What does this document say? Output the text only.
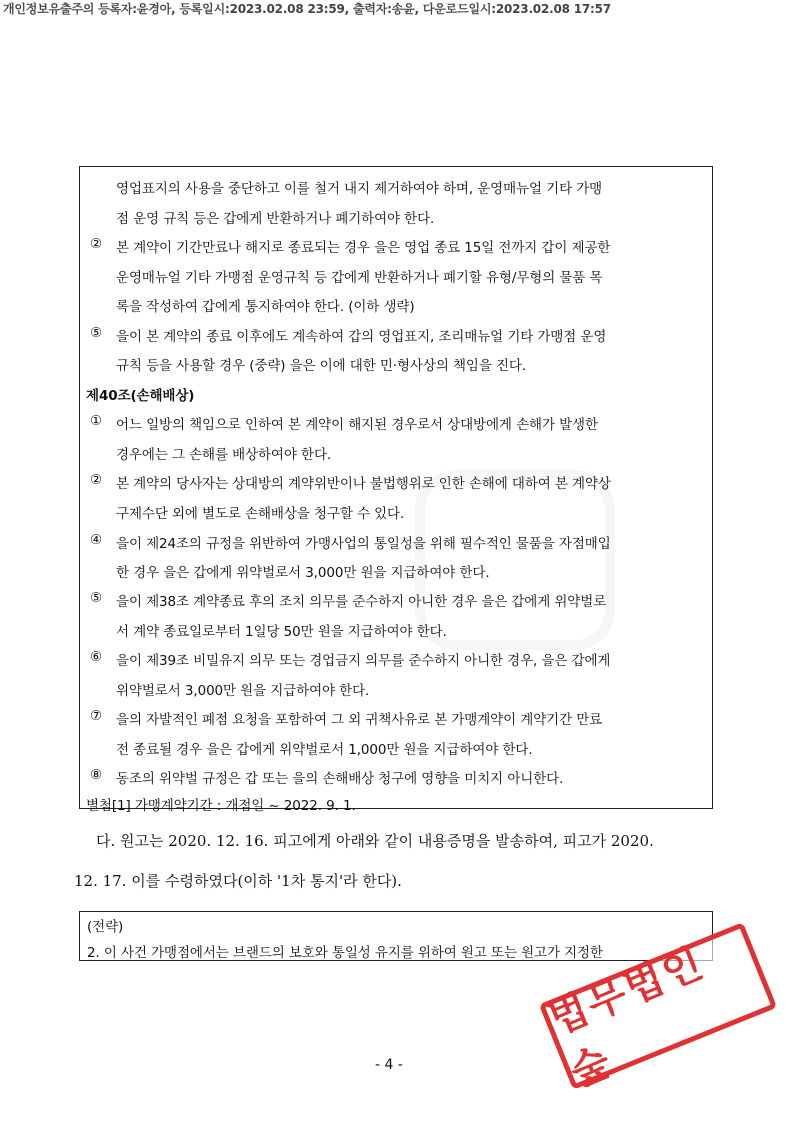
개인정보유출주의 등록자:윤경아, 등록일시:2023.02.08 23:59, 출력자:송윤, 다운로드일시:2023.02.08 17:57
영업표지의 사용을 중단하고 이를 철거 내지 제거하여야 하며, 운영매뉴얼 기타 가맹
점 운영 규칙 등은 갑에게 반환하거나 폐기하여야 한다.
② 본 계약이 기간만료나 해지로 종료되는 경우 을은 영업 종료 15일 전까지 갑이 제공한
운영매뉴얼 기타 가맹점 운영규칙 등 갑에게 반환하거나 폐기할 유형/무형의 물품 목
록을 작성하여 갑에게 통지하여야 한다. (이하 생략)
⑤ 을이 본 계약의 종료 이후에도 계속하여 갑의 영업표지, 조리매뉴얼 기타 가맹점 운영
규칙 등을 사용할 경우 (중략) 을은 이에 대한 민·형사상의 책임을 진다.
제40조(손해배상)
① 어느 일방의 책임으로 인하여 본 계약이 해지된 경우로서 상대방에게 손해가 발생한
경우에는 그 손해를 배상하여야 한다.
② 본 계약의 당사자는 상대방의 계약위반이나 불법행위로 인한 손해에 대하여 본 계약상
구제수단 외에 별도로 손해배상을 청구할 수 있다.
④ 을이 제24조의 규정을 위반하여 가맹사업의 통일성을 위해 필수적인 물품을 자점매입
한 경우 을은 갑에게 위약벌로서 3,000만 원을 지급하여야 한다.
⑤ 을이 제38조 계약종료 후의 조치 의무를 준수하지 아니한 경우 을은 갑에게 위약벌로
서 계약 종료일로부터 1일당 50만 원을 지급하여야 한다.
⑥ 을이 제39조 비밀유지 의무 또는 경업금지 의무를 준수하지 아니한 경우, 을은 갑에게
위약벌로서 3,000만 원을 지급하여야 한다.
⑦ 을의 자발적인 폐점 요청을 포함하여 그 외 귀책사유로 본 가맹계약이 계약기간 만료
전 종료될 경우 을은 갑에게 위약벌로서 1,000만 원을 지급하여야 한다.
⑧ 동조의 위약벌 규정은 갑 또는 을의 손해배상 청구에 영향을 미치지 아니한다.
별첨[1] 가맹계약기간 : 개점일 ~ 2022. 9. 1.
다. 원고는 2020. 12. 16. 피고에게 아래와 같이 내용증명을 발송하여, 피고가 2020.
12. 17. 이를 수령하였다(이하 '1차 통지'라 한다).
(전략)
2. 이 사건 가맹점에서는 브랜드의 보호와 통일성 유지를 위하여 원고 또는 원고가 지정한
법무법인 숲
- 4 -
